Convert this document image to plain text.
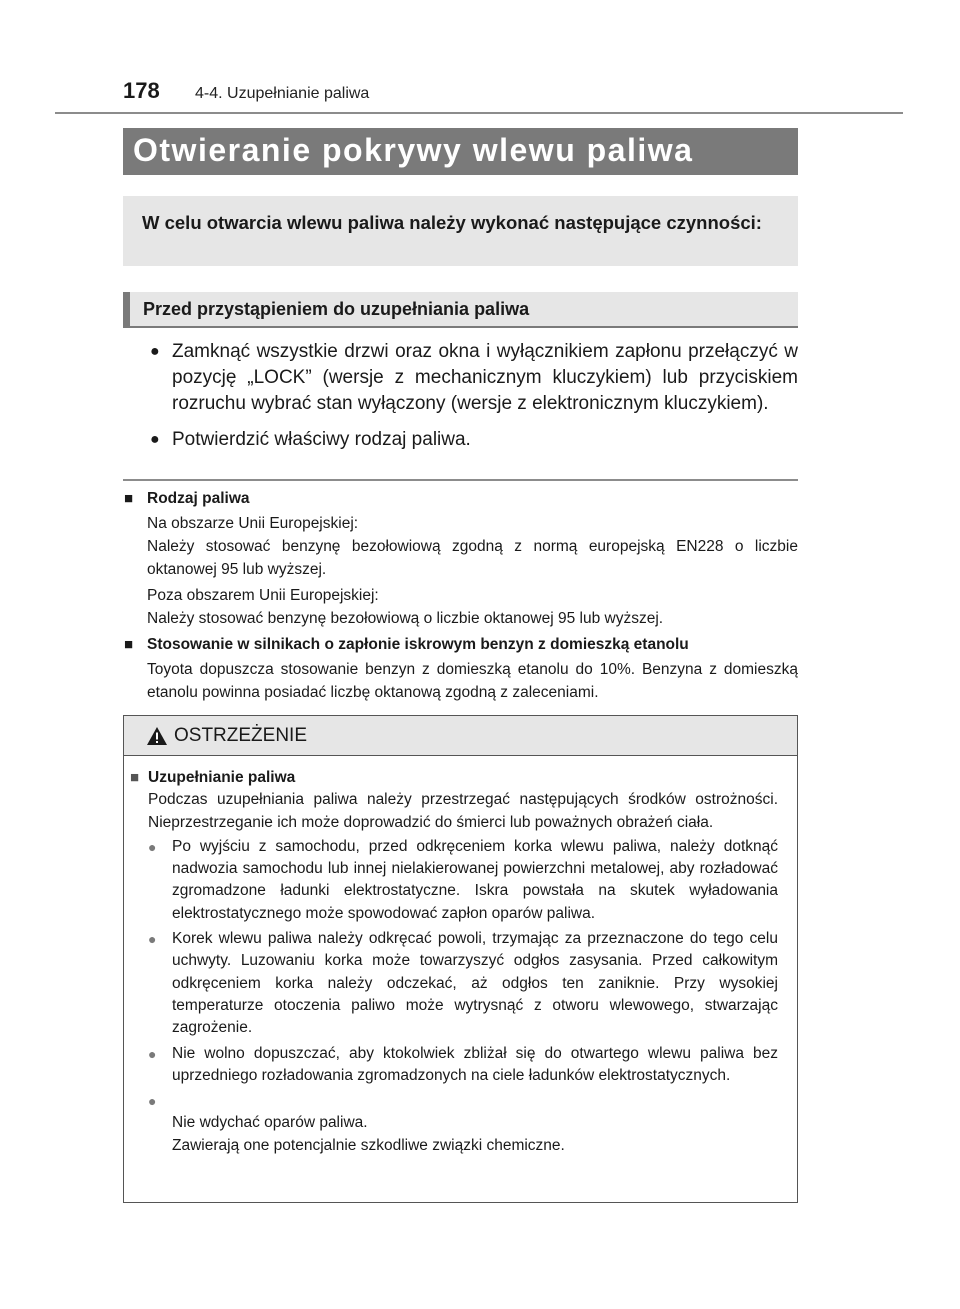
178	4-4. Uzupełnianie paliwa
Otwieranie pokrywy wlewu paliwa
W celu otwarcia wlewu paliwa należy wykonać następujące czynności:
Przed przystąpieniem do uzupełniania paliwa
● Zamknąć wszystkie drzwi oraz okna i wyłącznikiem zapłonu przełączyć w pozycję „LOCK” (wersje z mechanicznym kluczykiem) lub przyciskiem rozruchu wybrać stan wyłączony (wersje z elektronicznym kluczykiem).
● Potwierdzić właściwy rodzaj paliwa.
■ Rodzaj paliwa
Na obszarze Unii Europejskiej:
Należy stosować benzynę bezołowiową zgodną z normą europejską EN228 o liczbie oktanowej 95 lub wyższej.
Poza obszarem Unii Europejskiej:
Należy stosować benzynę bezołowiową o liczbie oktanowej 95 lub wyższej.
■ Stosowanie w silnikach o zapłonie iskrowym benzyn z domieszką etanolu
Toyota dopuszcza stosowanie benzyn z domieszką etanolu do 10%. Benzyna z domieszką etanolu powinna posiadać liczbę oktanową zgodną z zaleceniami.
OSTRZEŻENIE
■ Uzupełnianie paliwa
Podczas uzupełniania paliwa należy przestrzegać następujących środków ostrożności. Nieprzestrzeganie ich może doprowadzić do śmierci lub poważnych obrażeń ciała.
● Po wyjściu z samochodu, przed odkręceniem korka wlewu paliwa, należy dotknąć nadwozia samochodu lub innej nielakierowanej powierzchni metalowej, aby rozładować zgromadzone ładunki elektrostatyczne. Iskra powstała na skutek wyładowania elektrostatycznego może spowodować zapłon oparów paliwa.
● Korek wlewu paliwa należy odkręcać powoli, trzymając za przeznaczone do tego celu uchwyty. Luzowaniu korka może towarzyszyć odgłos zasysania. Przed całkowitym odkręceniem korka należy odczekać, aż odgłos ten zaniknie. Przy wysokiej temperaturze otoczenia paliwo może wytrysnąć z otworu wlewowego, stwarzając zagrożenie.
● Nie wolno dopuszczać, aby ktokolwiek zbliżał się do otwartego wlewu paliwa bez uprzedniego rozładowania zgromadzonych na ciele ładunków elektrostatycznych.

●
Nie wdychać oparów paliwa.
Zawierają one potencjalnie szkodliwe związki chemiczne.
